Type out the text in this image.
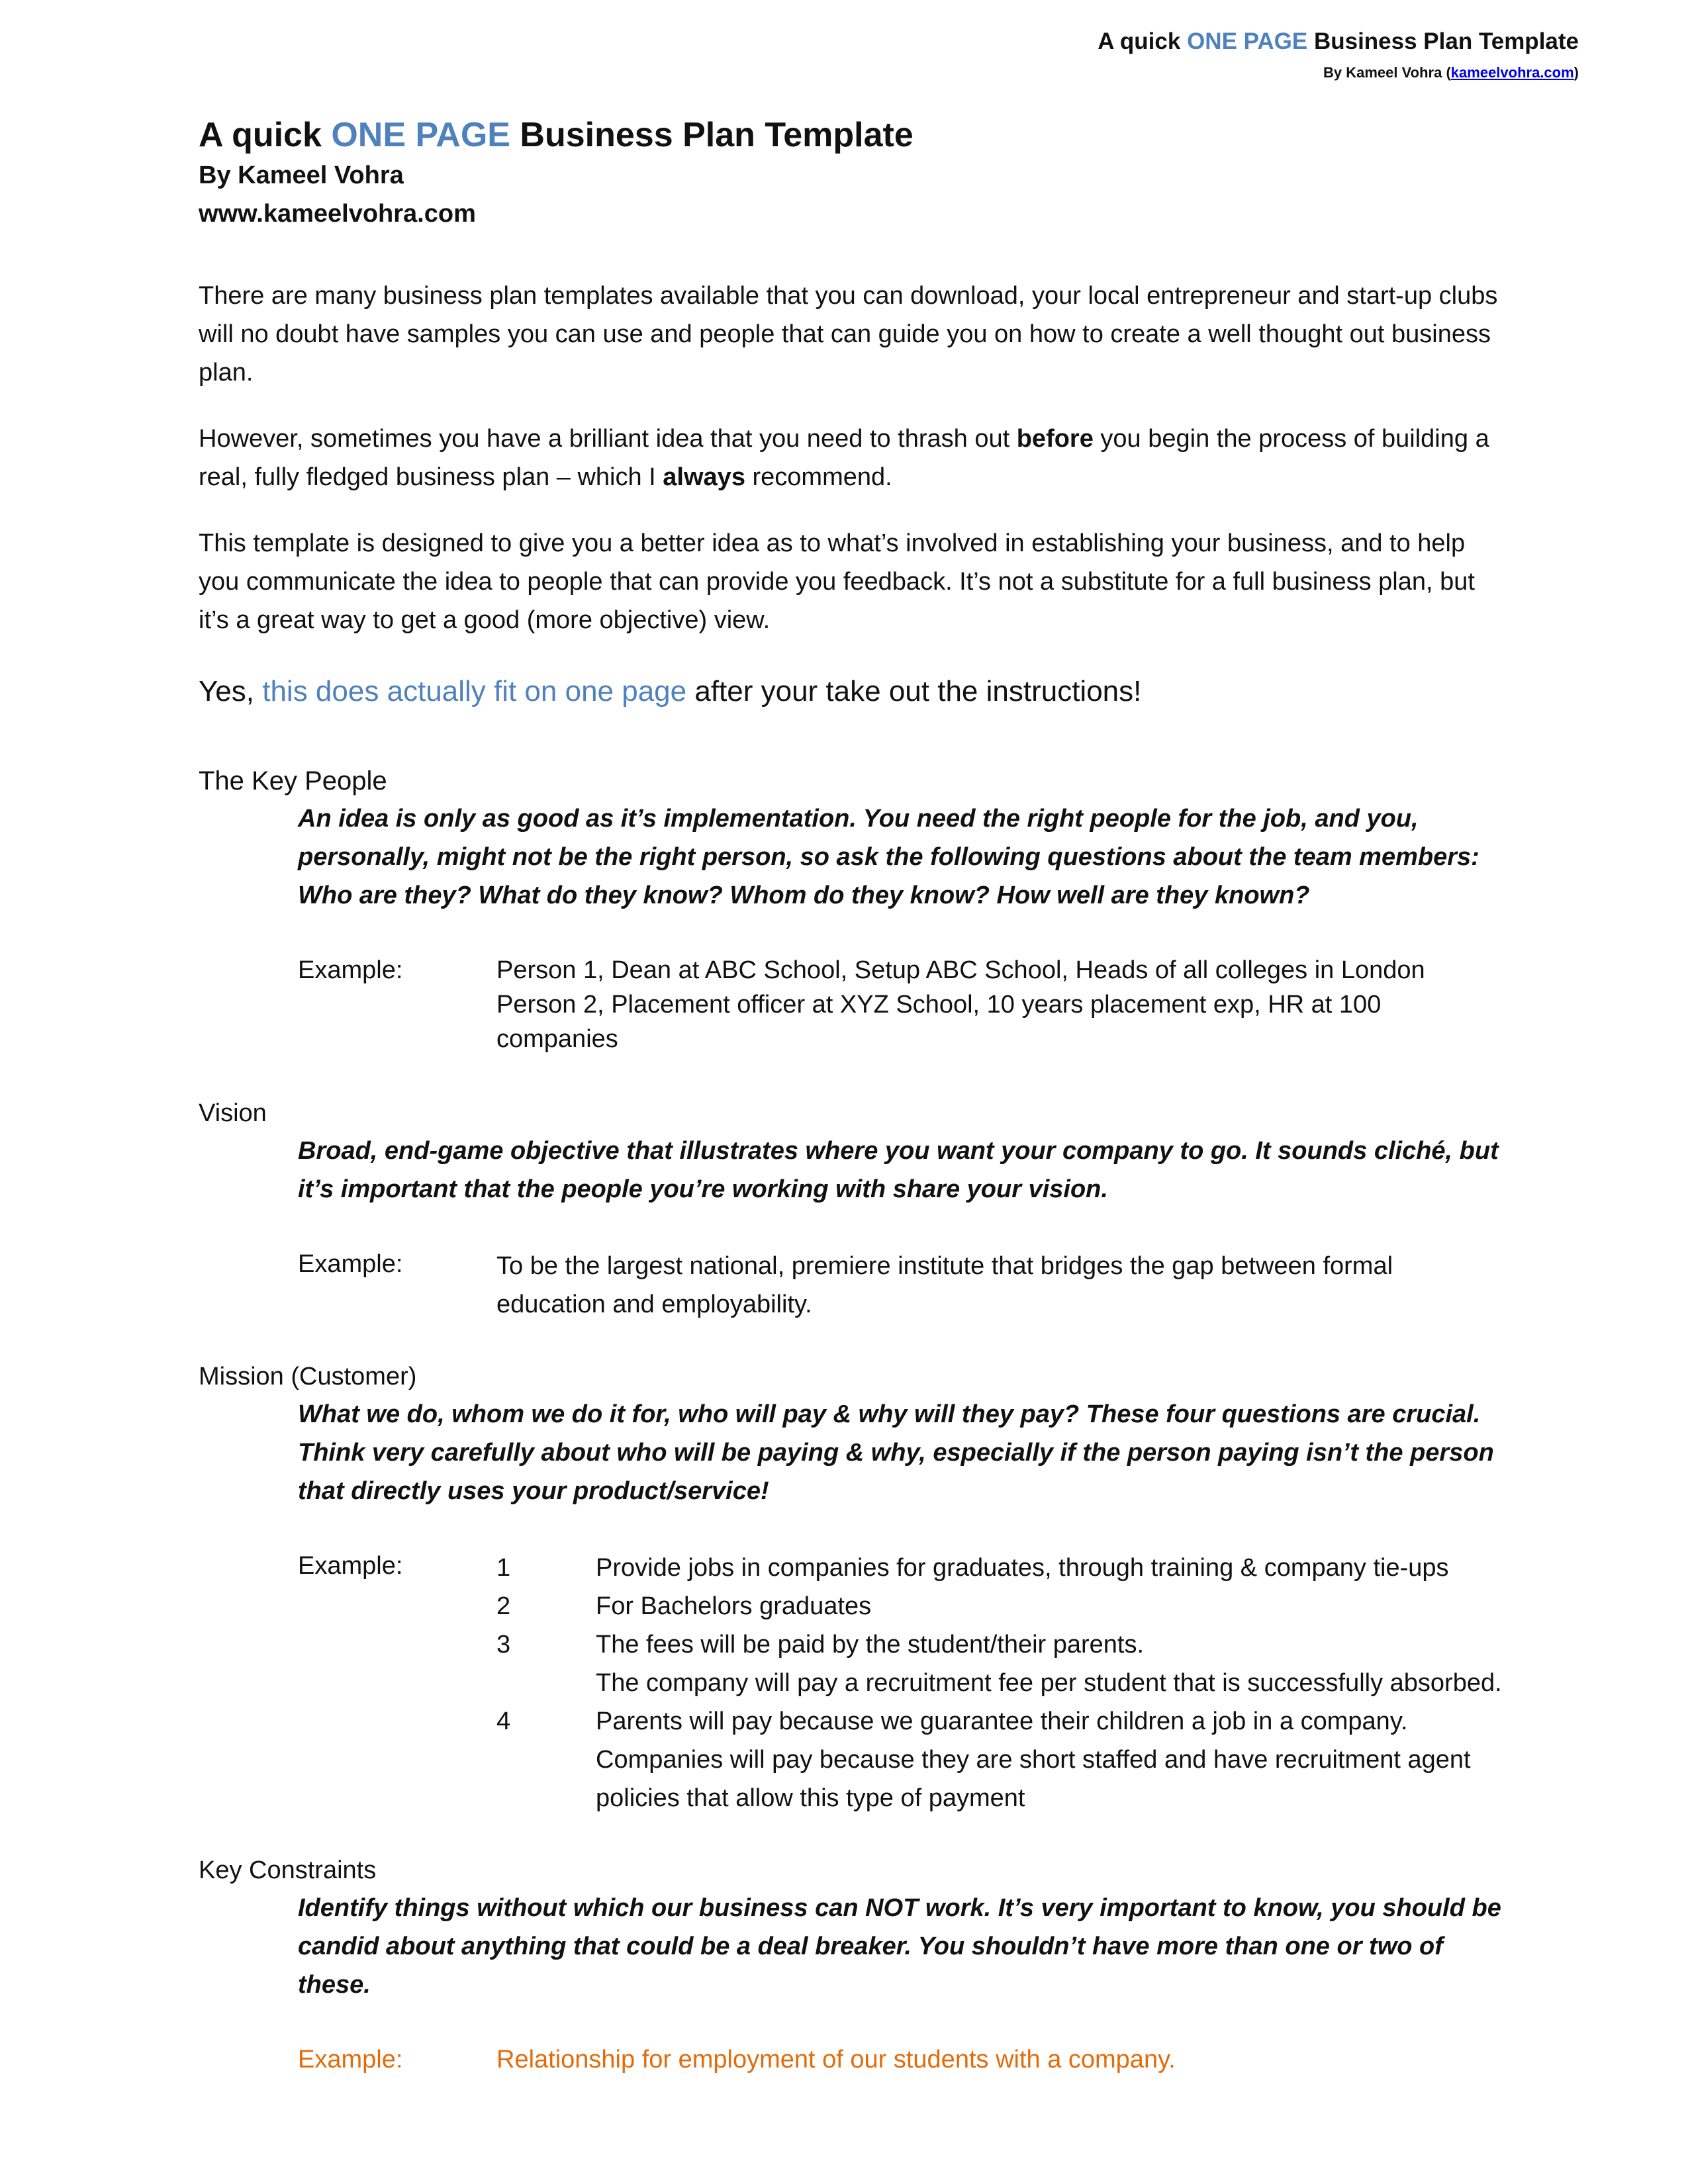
A quick ONE PAGE Business Plan Template
By Kameel Vohra (kameelvohra.com)
A quick ONE PAGE Business Plan Template
By Kameel Vohra
www.kameelvohra.com

There are many business plan templates available that you can download, your local entrepreneur and start-up clubs will no doubt have samples you can use and people that can guide you on how to create a well thought out business plan.

However, sometimes you have a brilliant idea that you need to thrash out before you begin the process of building a real, fully fledged business plan – which I always recommend.

This template is designed to give you a better idea as to what’s involved in establishing your business, and to help you communicate the idea to people that can provide you feedback. It’s not a substitute for a full business plan, but it’s a great way to get a good (more objective) view.

Yes, this does actually fit on one page after your take out the instructions!
The Key People
An idea is only as good as it’s implementation. You need the right people for the job, and you, personally, might not be the right person, so ask the following questions about the team members: Who are they? What do they know? Whom do they know? How well are they known?
Example:	Person 1, Dean at ABC School, Setup ABC School, Heads of all colleges in London
Person 2, Placement officer at XYZ School, 10 years placement exp, HR at 100 companies
Vision
Broad, end-game objective that illustrates where you want your company to go. It sounds cliché, but it’s important that the people you’re working with share your vision.
Example:	To be the largest national, premiere institute that bridges the gap between formal education and employability.
Mission (Customer)
What we do, whom we do it for, who will pay & why will they pay? These four questions are crucial. Think very carefully about who will be paying & why, especially if the person paying isn’t the person that directly uses your product/service!
Example:	1	Provide jobs in companies for graduates, through training & company tie-ups
2	For Bachelors graduates
3	The fees will be paid by the student/their parents.
The company will pay a recruitment fee per student that is successfully absorbed.
4	Parents will pay because we guarantee their children a job in a company.
Companies will pay because they are short staffed and have recruitment agent policies that allow this type of payment
Key Constraints
Identify things without which our business can NOT work. It’s very important to know, you should be candid about anything that could be a deal breaker. You shouldn’t have more than one or two of these.
Example:	Relationship for employment of our students with a company.
